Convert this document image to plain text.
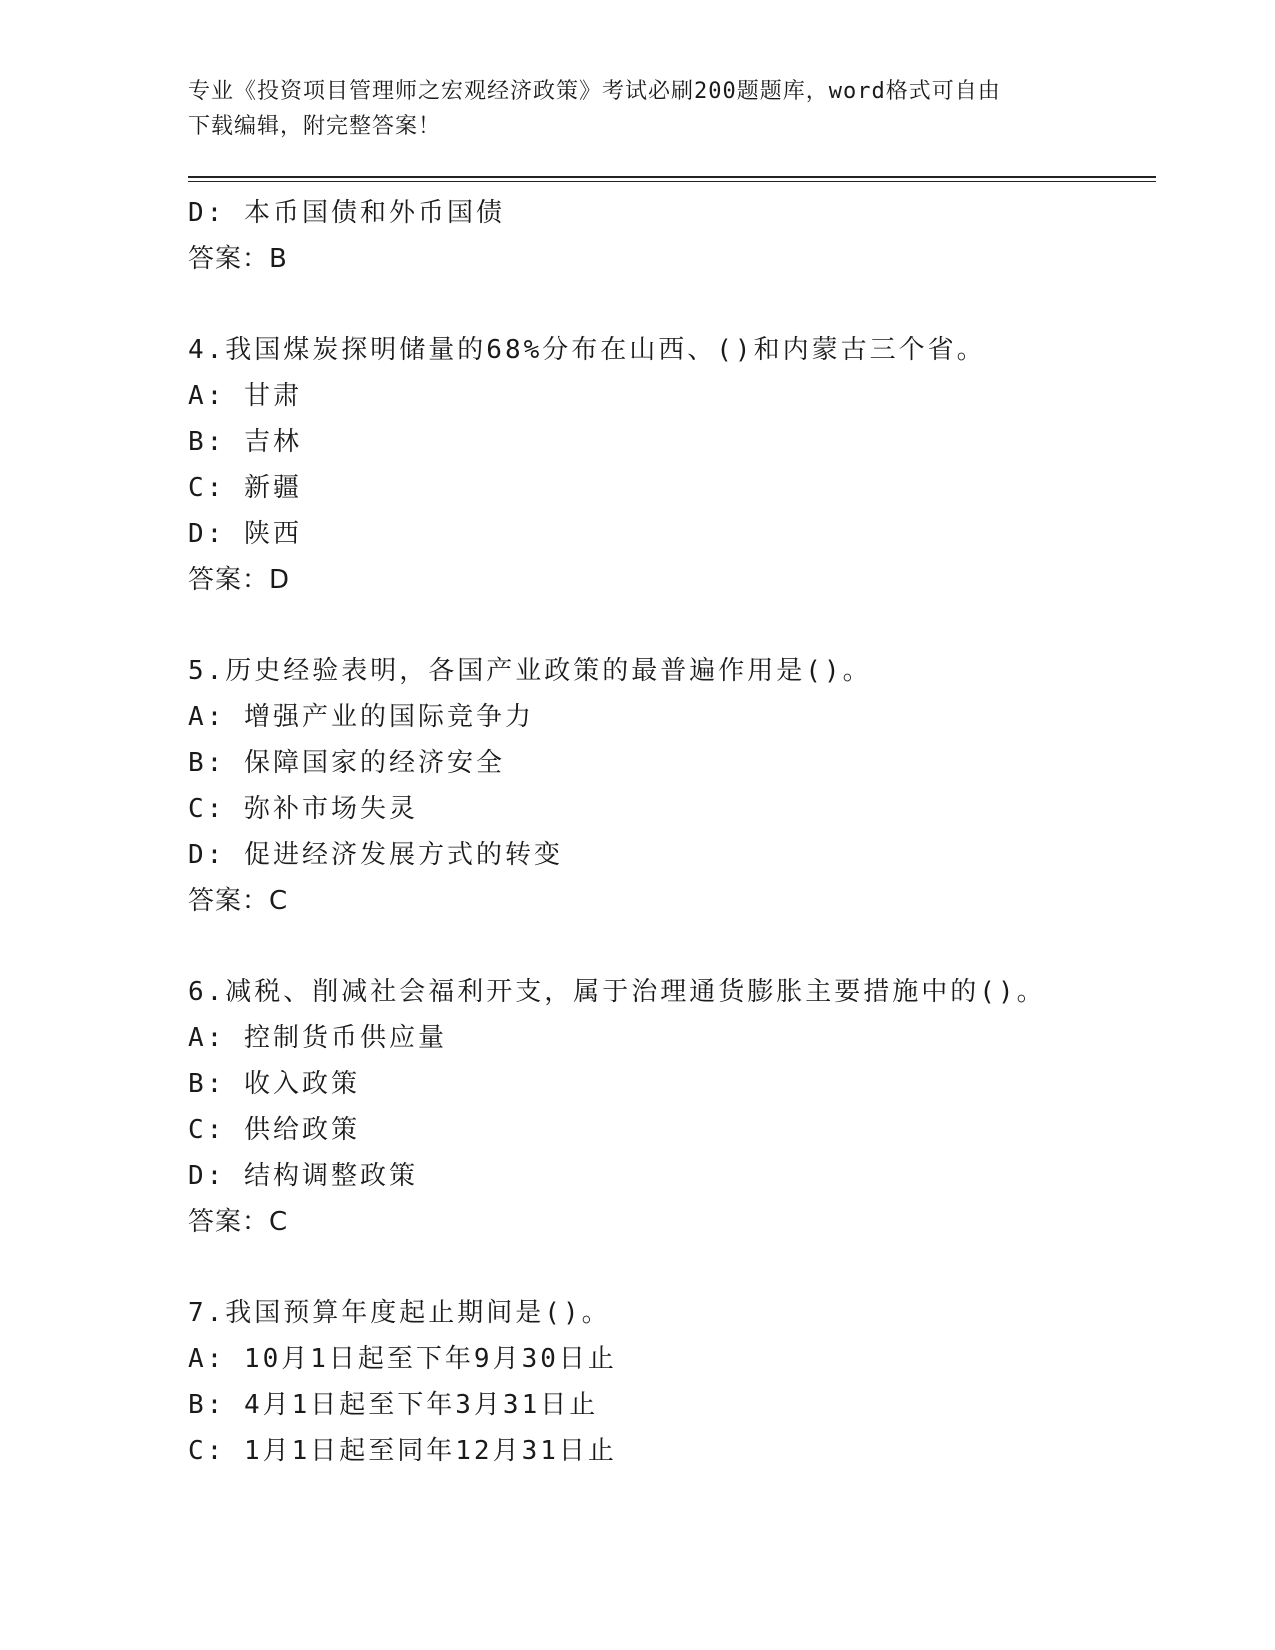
专业《投资项目管理师之宏观经济政策》考试必刷200题题库，word格式可自由
下载编辑，附完整答案！
D: 本币国债和外币国债
答案：B
4.我国煤炭探明储量的68%分布在山西、()和内蒙古三个省。
A: 甘肃
B: 吉林
C: 新疆
D: 陕西
答案：D
5.历史经验表明，各国产业政策的最普遍作用是()。
A: 增强产业的国际竞争力
B: 保障国家的经济安全
C: 弥补市场失灵
D: 促进经济发展方式的转变
答案：C
6.减税、削减社会福利开支，属于治理通货膨胀主要措施中的()。
A: 控制货币供应量
B: 收入政策
C: 供给政策
D: 结构调整政策
答案：C
7.我国预算年度起止期间是()。
A: 10月1日起至下年9月30日止
B: 4月1日起至下年3月31日止
C: 1月1日起至同年12月31日止
